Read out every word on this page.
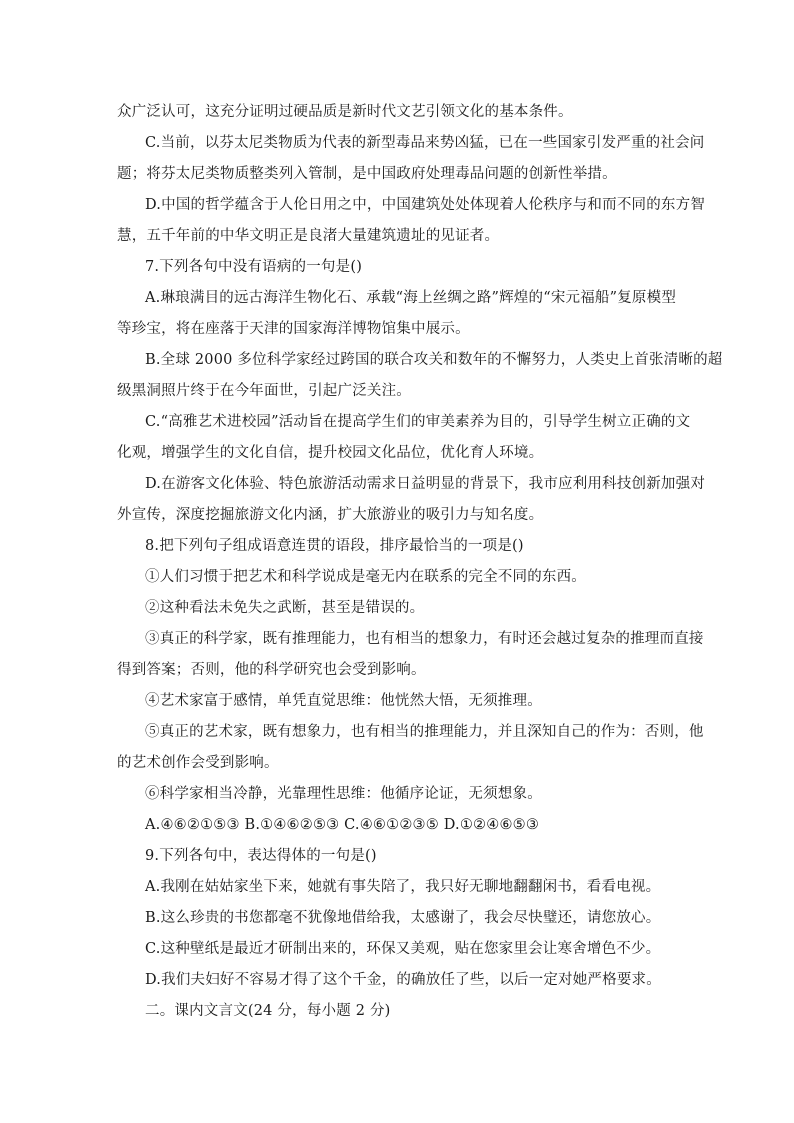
众广泛认可，这充分证明过硬品质是新时代文艺引领文化的基本条件。
C.当前，以芬太尼类物质为代表的新型毒品来势凶猛，已在一些国家引发严重的社会问
题；将芬太尼类物质整类列入管制，是中国政府处理毒品问题的创新性举措。
D.中国的哲学蕴含于人伦日用之中，中国建筑处处体现着人伦秩序与和而不同的东方智
慧，五千年前的中华文明正是良渚大量建筑遗址的见证者。
7.下列各句中没有语病的一句是()
A.琳琅满目的远古海洋生物化石、承载“海上丝绸之路”辉煌的“宋元福船”复原模型
等珍宝，将在座落于天津的国家海洋博物馆集中展示。
B.全球 2000 多位科学家经过跨国的联合攻关和数年的不懈努力，人类史上首张清晰的超
级黑洞照片终于在今年面世，引起广泛关注。
C.“高雅艺术进校园”活动旨在提高学生们的审美素养为目的，引导学生树立正确的文
化观，增强学生的文化自信，提升校园文化品位，优化育人环境。
D.在游客文化体验、特色旅游活动需求日益明显的背景下，我市应利用科技创新加强对
外宣传，深度挖掘旅游文化内涵，扩大旅游业的吸引力与知名度。
8.把下列句子组成语意连贯的语段，排序最恰当的一项是()
①人们习惯于把艺术和科学说成是毫无内在联系的完全不同的东西。
②这种看法未免失之武断，甚至是错误的。
③真正的科学家，既有推理能力，也有相当的想象力，有时还会越过复杂的推理而直接
得到答案；否则，他的科学研究也会受到影响。
④艺术家富于感情，单凭直觉思维：他恍然大悟，无须推理。
⑤真正的艺术家，既有想象力，也有相当的推理能力，并且深知自己的作为：否则，他
的艺术创作会受到影响。
⑥科学家相当冷静，光靠理性思维：他循序论证，无须想象。
A.④⑥②①⑤③ B.①④⑥②⑤③ C.④⑥①②③⑤ D.①②④⑥⑤③
9.下列各句中，表达得体的一句是()
A.我刚在姑姑家坐下来，她就有事失陪了，我只好无聊地翻翻闲书，看看电视。
B.这么珍贵的书您都毫不犹像地借给我，太感谢了，我会尽快璧还，请您放心。
C.这种壁纸是最近才研制出来的，环保又美观，贴在您家里会让寒舍增色不少。
D.我们夫妇好不容易才得了这个千金，的确放任了些，以后一定对她严格要求。
二。课内文言文(24 分，每小题 2 分)
